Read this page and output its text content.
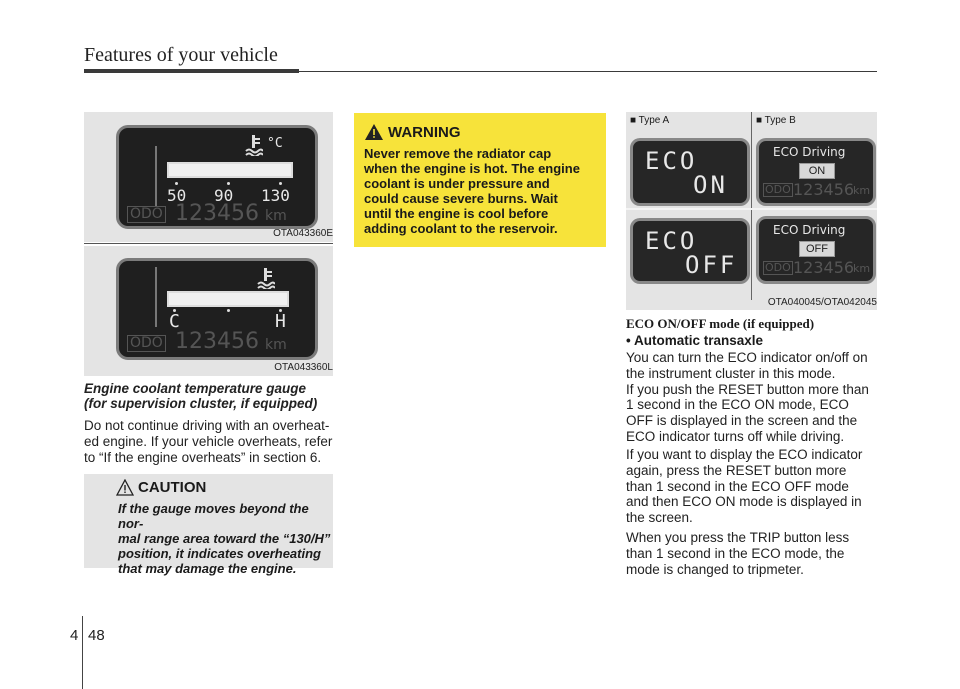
Features of your vehicle
°C
50 90 130
ODO 123456 km
OTA043360E
C	H
ODO 123456 km
OTA043360L
Engine coolant temperature gauge
(for supervision cluster, if equipped)
Do not continue driving with an overheat-
ed engine. If your vehicle overheats, refer
to “If the engine overheats” in section 6.
CAUTION
If the gauge moves beyond the nor-
mal range area toward the “130/H”
position, it indicates overheating
that may damage the engine.
WARNING
Never remove the radiator cap
when the engine is hot. The engine
coolant is under pressure and
could cause severe burns. Wait
until the engine is cool before
adding coolant to the reservoir.
■ Type A	■ Type B
ECO
ON
ECO
OFF
ECO Driving
ON
ODO 123456
km
ECO Driving
OFF
ODO 123456
km
OTA040045/OTA042045
ECO ON/OFF mode (if equipped)
• Automatic transaxle
You can turn the ECO indicator on/off on
the instrument cluster in this mode.
If you push the RESET button more than
1 second in the ECO ON mode, ECO
OFF is displayed in the screen and the
ECO indicator turns off while driving.
If you want to display the ECO indicator
again, press the RESET button more
than 1 second in the ECO OFF mode
and then ECO ON mode is displayed in
the screen.
When you press the TRIP button less
than 1 second in the ECO mode, the
mode is changed to tripmeter.
4 48
